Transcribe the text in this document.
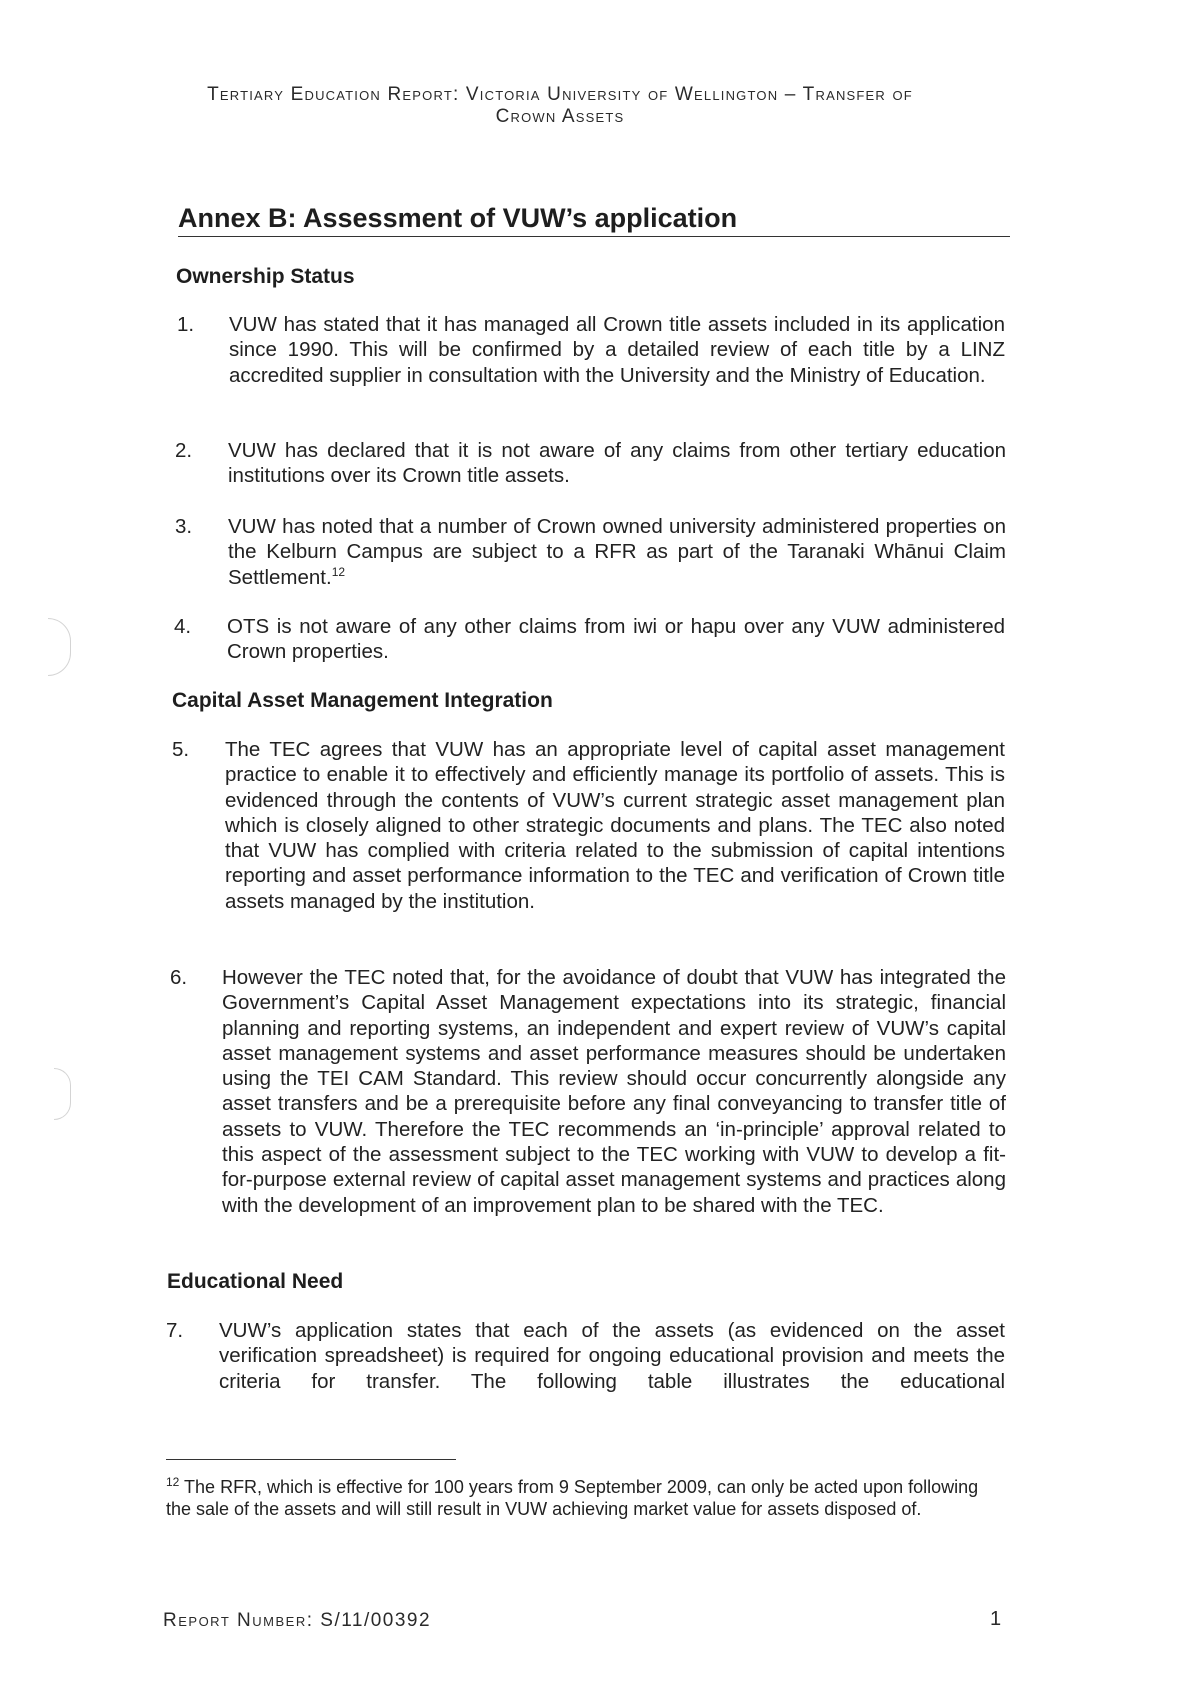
Tertiary Education Report: Victoria University of Wellington – Transfer of
Crown Assets
Annex B: Assessment of VUW’s application
Ownership Status
1. VUW has stated that it has managed all Crown title assets included in its application since 1990. This will be confirmed by a detailed review of each title by a LINZ accredited supplier in consultation with the University and the Ministry of Education.
2. VUW has declared that it is not aware of any claims from other tertiary education institutions over its Crown title assets.
3. VUW has noted that a number of Crown owned university administered properties on the Kelburn Campus are subject to a RFR as part of the Taranaki Whānui Claim Settlement.$^{12}$
4. OTS is not aware of any other claims from iwi or hapu over any VUW administered Crown properties.
Capital Asset Management Integration
5. The TEC agrees that VUW has an appropriate level of capital asset management practice to enable it to effectively and efficiently manage its portfolio of assets. This is evidenced through the contents of VUW’s current strategic asset management plan which is closely aligned to other strategic documents and plans. The TEC also noted that VUW has complied with criteria related to the submission of capital intentions reporting and asset performance information to the TEC and verification of Crown title assets managed by the institution.
6. However the TEC noted that, for the avoidance of doubt that VUW has integrated the Government’s Capital Asset Management expectations into its strategic, financial planning and reporting systems, an independent and expert review of VUW’s capital asset management systems and asset performance measures should be undertaken using the TEI CAM Standard. This review should occur concurrently alongside any asset transfers and be a prerequisite before any final conveyancing to transfer title of assets to VUW. Therefore the TEC recommends an ‘in-principle’ approval related to this aspect of the assessment subject to the TEC working with VUW to develop a fit-for-purpose external review of capital asset management systems and practices along with the development of an improvement plan to be shared with the TEC.
Educational Need
7. VUW’s application states that each of the assets (as evidenced on the asset verification spreadsheet) is required for ongoing educational provision and meets the criteria for transfer. The following table illustrates the educational
$^{12}$ The RFR, which is effective for 100 years from 9 September 2009, can only be acted upon following the sale of the assets and will still result in VUW achieving market value for assets disposed of.
Report Number: S/11/00392	1
